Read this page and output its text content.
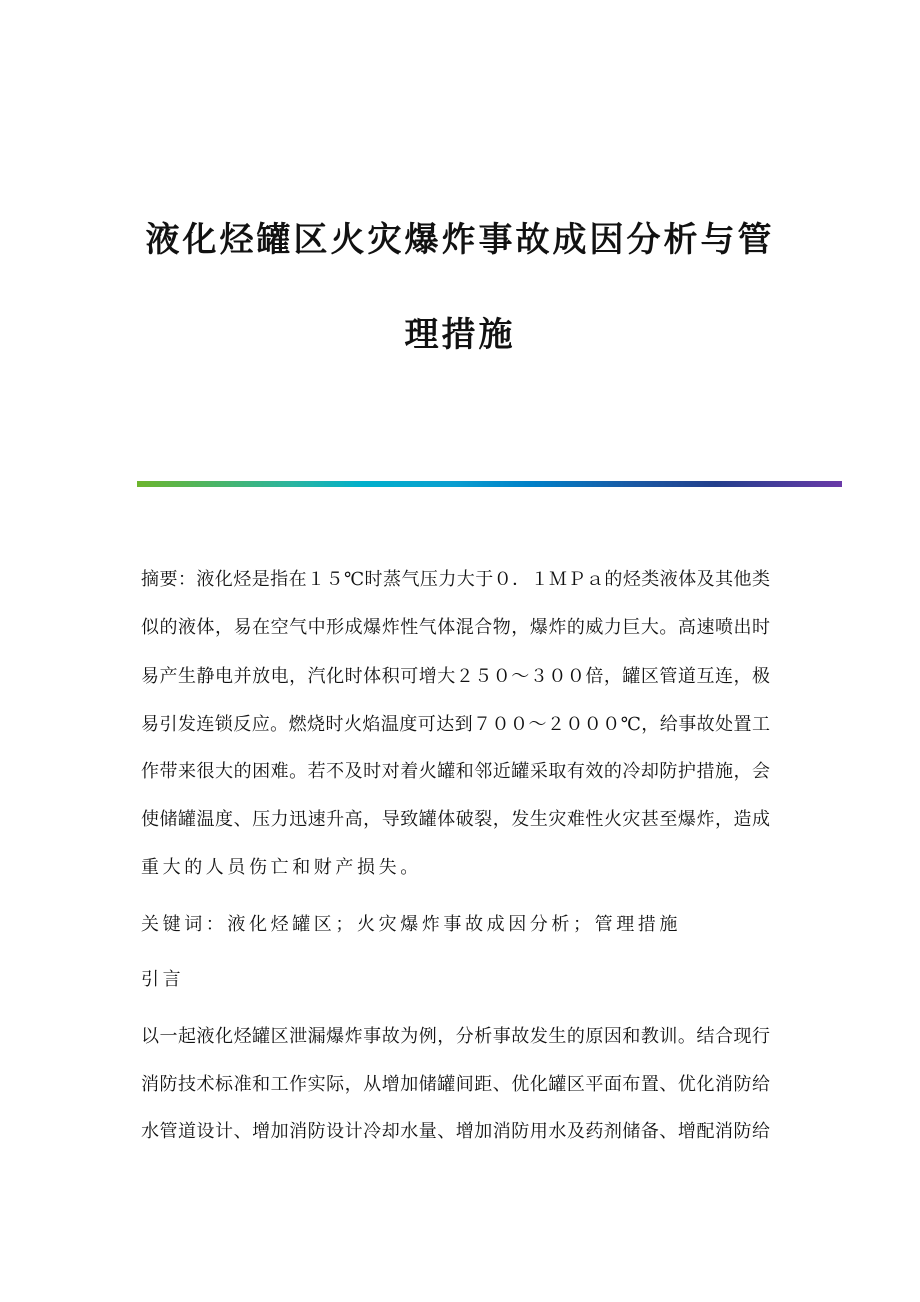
液化烃罐区火灾爆炸事故成因分析与管
理措施
摘要：液化烃是指在１５℃时蒸气压力大于０．１ＭＰａ的烃类液体及其他类
似的液体，易在空气中形成爆炸性气体混合物，爆炸的威力巨大。高速喷出时
易产生静电并放电，汽化时体积可增大２５０～３００倍，罐区管道互连，极
易引发连锁反应。燃烧时火焰温度可达到７００～２０００℃，给事故处置工
作带来很大的困难。若不及时对着火罐和邻近罐采取有效的冷却防护措施，会
使储罐温度、压力迅速升高，导致罐体破裂，发生灾难性火灾甚至爆炸，造成
重大的人员伤亡和财产损失。
关键词：液化烃罐区；火灾爆炸事故成因分析；管理措施
引言
以一起液化烃罐区泄漏爆炸事故为例，分析事故发生的原因和教训。结合现行
消防技术标准和工作实际，从增加储罐间距、优化罐区平面布置、优化消防给
水管道设计、增加消防设计冷却水量、增加消防用水及药剂储备、增配消防给
